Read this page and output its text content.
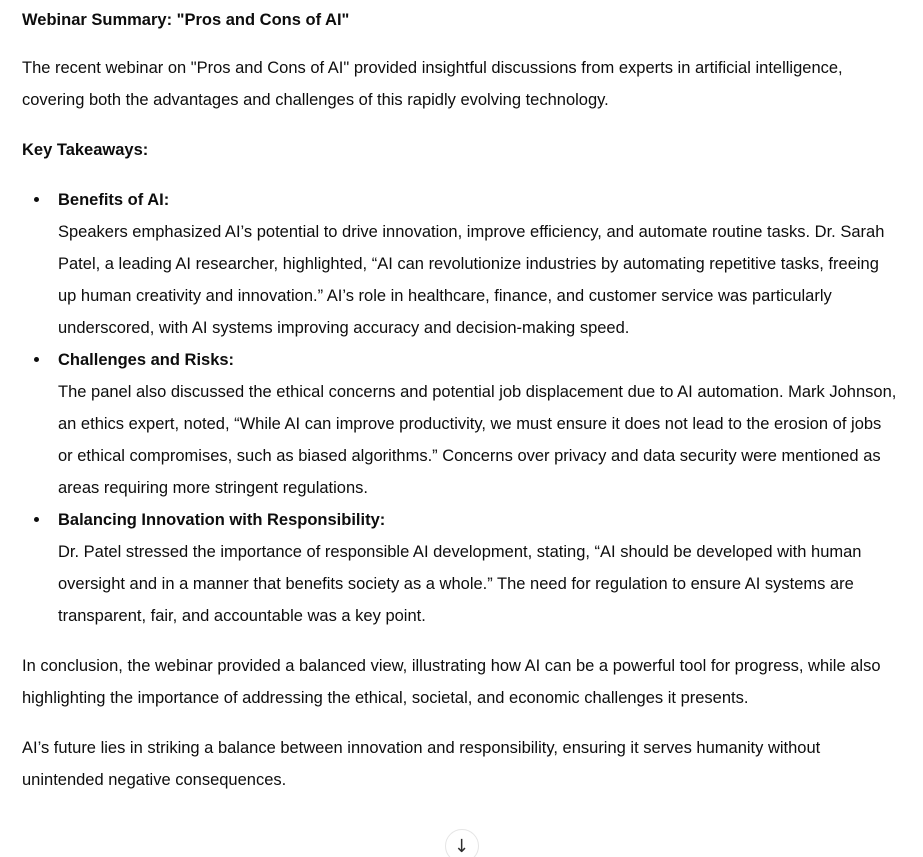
Webinar Summary: "Pros and Cons of AI"

The recent webinar on "Pros and Cons of AI" provided insightful discussions from experts in artificial intelligence, covering both the advantages and challenges of this rapidly evolving technology.

Key Takeaways:

Benefits of AI:
Speakers emphasized AI’s potential to drive innovation, improve efficiency, and automate routine tasks. Dr. Sarah Patel, a leading AI researcher, highlighted, “AI can revolutionize industries by automating repetitive tasks, freeing up human creativity and innovation.” AI’s role in healthcare, finance, and customer service was particularly underscored, with AI systems improving accuracy and decision-making speed.
Challenges and Risks:
The panel also discussed the ethical concerns and potential job displacement due to AI automation. Mark Johnson, an ethics expert, noted, “While AI can improve productivity, we must ensure it does not lead to the erosion of jobs or ethical compromises, such as biased algorithms.” Concerns over privacy and data security were mentioned as areas requiring more stringent regulations.
Balancing Innovation with Responsibility:
Dr. Patel stressed the importance of responsible AI development, stating, “AI should be developed with human oversight and in a manner that benefits society as a whole.” The need for regulation to ensure AI systems are transparent, fair, and accountable was a key point.

In conclusion, the webinar provided a balanced view, illustrating how AI can be a powerful tool for progress, while also highlighting the importance of addressing the ethical, societal, and economic challenges it presents.

AI’s future lies in striking a balance between innovation and responsibility, ensuring it serves humanity without unintended negative consequences.

↓
